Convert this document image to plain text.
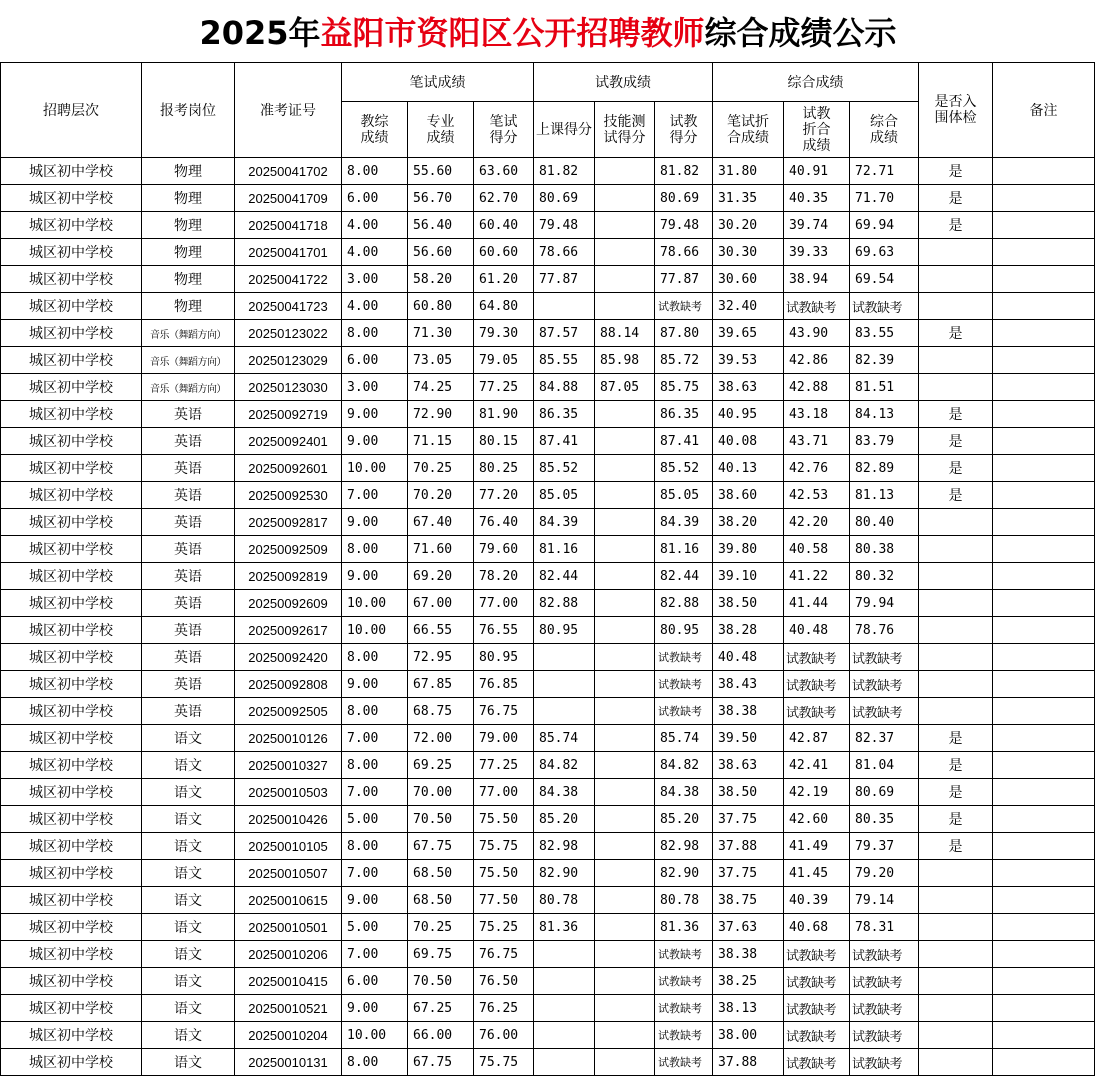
2025年益阳市资阳区公开招聘教师综合成绩公示
招聘层次	报考岗位	准考证号	笔试成绩			试教成绩			综合成绩			是否入围体检	备注
			教综成绩	专业成绩	笔试得分	上课得分	技能测试得分	试教得分	笔试折合成绩	试教折合成绩	综合成绩		
城区初中学校	物理	20250041702	8.00	55.60	63.60	81.82		81.82	31.80	40.91	72.71	是	
城区初中学校	物理	20250041709	6.00	56.70	62.70	80.69		80.69	31.35	40.35	71.70	是	
城区初中学校	物理	20250041718	4.00	56.40	60.40	79.48		79.48	30.20	39.74	69.94	是	
城区初中学校	物理	20250041701	4.00	56.60	60.60	78.66		78.66	30.30	39.33	69.63		
城区初中学校	物理	20250041722	3.00	58.20	61.20	77.87		77.87	30.60	38.94	69.54		
城区初中学校	物理	20250041723	4.00	60.80	64.80			试教缺考	32.40	试教缺考	试教缺考		
城区初中学校	音乐（舞蹈方向）	20250123022	8.00	71.30	79.30	87.57	88.14	87.80	39.65	43.90	83.55	是	
城区初中学校	音乐（舞蹈方向）	20250123029	6.00	73.05	79.05	85.55	85.98	85.72	39.53	42.86	82.39		
城区初中学校	音乐（舞蹈方向）	20250123030	3.00	74.25	77.25	84.88	87.05	85.75	38.63	42.88	81.51		
城区初中学校	英语	20250092719	9.00	72.90	81.90	86.35		86.35	40.95	43.18	84.13	是	
城区初中学校	英语	20250092401	9.00	71.15	80.15	87.41		87.41	40.08	43.71	83.79	是	
城区初中学校	英语	20250092601	10.00	70.25	80.25	85.52		85.52	40.13	42.76	82.89	是	
城区初中学校	英语	20250092530	7.00	70.20	77.20	85.05		85.05	38.60	42.53	81.13	是	
城区初中学校	英语	20250092817	9.00	67.40	76.40	84.39		84.39	38.20	42.20	80.40		
城区初中学校	英语	20250092509	8.00	71.60	79.60	81.16		81.16	39.80	40.58	80.38		
城区初中学校	英语	20250092819	9.00	69.20	78.20	82.44		82.44	39.10	41.22	80.32		
城区初中学校	英语	20250092609	10.00	67.00	77.00	82.88		82.88	38.50	41.44	79.94		
城区初中学校	英语	20250092617	10.00	66.55	76.55	80.95		80.95	38.28	40.48	78.76		
城区初中学校	英语	20250092420	8.00	72.95	80.95			试教缺考	40.48	试教缺考	试教缺考		
城区初中学校	英语	20250092808	9.00	67.85	76.85			试教缺考	38.43	试教缺考	试教缺考		
城区初中学校	英语	20250092505	8.00	68.75	76.75			试教缺考	38.38	试教缺考	试教缺考		
城区初中学校	语文	20250010126	7.00	72.00	79.00	85.74		85.74	39.50	42.87	82.37	是	
城区初中学校	语文	20250010327	8.00	69.25	77.25	84.82		84.82	38.63	42.41	81.04	是	
城区初中学校	语文	20250010503	7.00	70.00	77.00	84.38		84.38	38.50	42.19	80.69	是	
城区初中学校	语文	20250010426	5.00	70.50	75.50	85.20		85.20	37.75	42.60	80.35	是	
城区初中学校	语文	20250010105	8.00	67.75	75.75	82.98		82.98	37.88	41.49	79.37	是	
城区初中学校	语文	20250010507	7.00	68.50	75.50	82.90		82.90	37.75	41.45	79.20		
城区初中学校	语文	20250010615	9.00	68.50	77.50	80.78		80.78	38.75	40.39	79.14		
城区初中学校	语文	20250010501	5.00	70.25	75.25	81.36		81.36	37.63	40.68	78.31		
城区初中学校	语文	20250010206	7.00	69.75	76.75			试教缺考	38.38	试教缺考	试教缺考		
城区初中学校	语文	20250010415	6.00	70.50	76.50			试教缺考	38.25	试教缺考	试教缺考		
城区初中学校	语文	20250010521	9.00	67.25	76.25			试教缺考	38.13	试教缺考	试教缺考		
城区初中学校	语文	20250010204	10.00	66.00	76.00			试教缺考	38.00	试教缺考	试教缺考		
城区初中学校	语文	20250010131	8.00	67.75	75.75			试教缺考	37.88	试教缺考	试教缺考		
